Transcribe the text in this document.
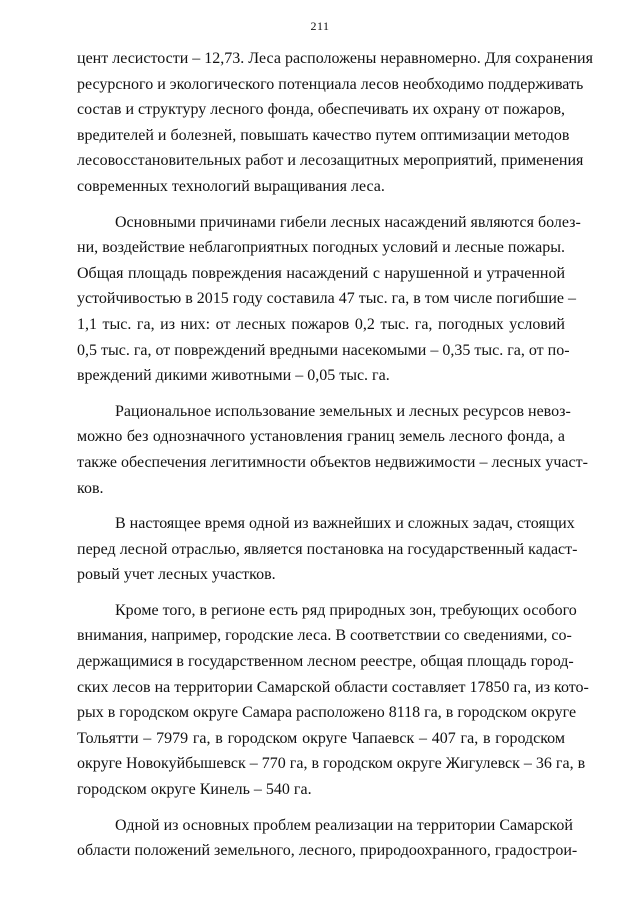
211

цент лесистости – 12,73. Леса расположены неравномерно. Для сохранения
ресурсного и экологического потенциала лесов необходимо поддерживать
состав и структуру лесного фонда, обеспечивать их охрану от пожаров,
вредителей и болезней, повышать качество путем оптимизации методов
лесовосстановительных работ и лесозащитных мероприятий, применения
современных технологий выращивания леса.

Основными причинами гибели лесных насаждений являются болез-
ни, воздействие неблагоприятных погодных условий и лесные пожары.
Общая площадь повреждения насаждений с нарушенной и утраченной
устойчивостью в 2015 году составила 47 тыс. га, в том числе погибшие –
1,1 тыс. га, из них: от лесных пожаров 0,2 тыс. га, погодных условий
0,5 тыс. га, от повреждений вредными насекомыми – 0,35 тыс. га, от по-
вреждений дикими животными – 0,05 тыс. га.

Рациональное использование земельных и лесных ресурсов невоз-
можно без однозначного установления границ земель лесного фонда, а
также обеспечения легитимности объектов недвижимости – лесных участ-
ков.

В настоящее время одной из важнейших и сложных задач, стоящих
перед лесной отраслью, является постановка на государственный кадаст-
ровый учет лесных участков.

Кроме того, в регионе есть ряд природных зон, требующих особого
внимания, например, городские леса. В соответствии со сведениями, со-
держащимися в государственном лесном реестре, общая площадь город-
ских лесов на территории Самарской области составляет 17850 га, из кото-
рых в городском округе Самара расположено 8118 га, в городском округе
Тольятти – 7979 га, в городском округе Чапаевск – 407 га, в городском
округе Новокуйбышевск – 770 га, в городском округе Жигулевск – 36 га, в
городском округе Кинель – 540 га.

Одной из основных проблем реализации на территории Самарской
области положений земельного, лесного, природоохранного, градострои-
